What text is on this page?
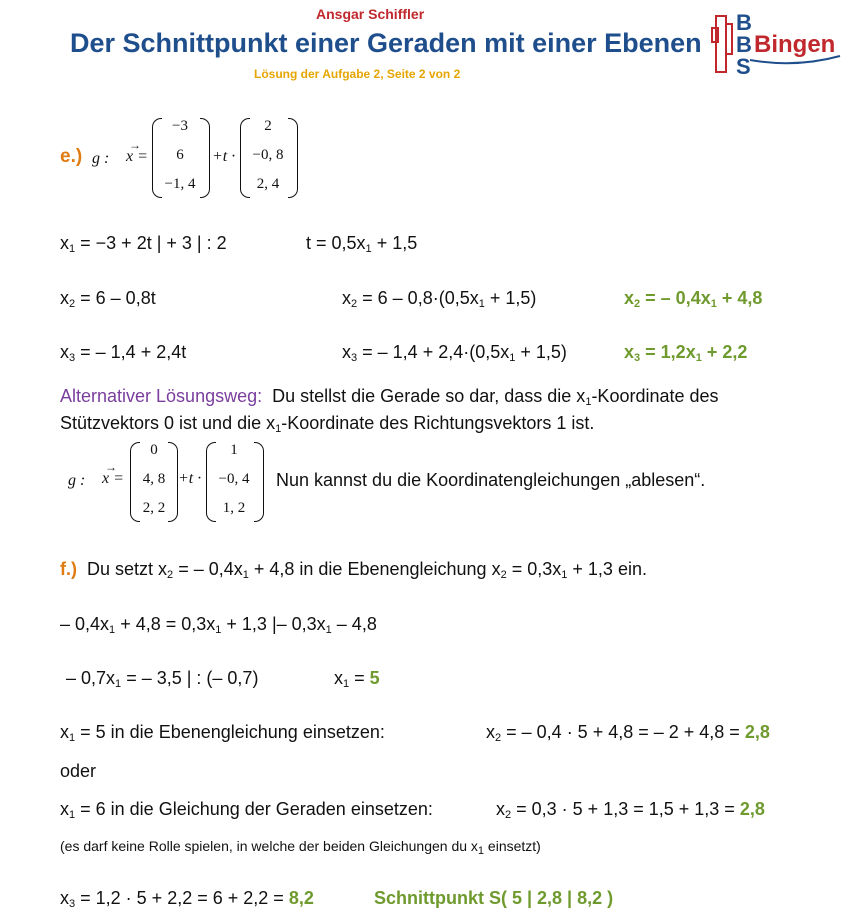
Ansgar Schiffler
Der Schnittpunkt einer Geraden mit einer Ebenen
Lösung der Aufgabe 2, Seite 2 von 2
B
B
S
Bingen
e.) g : x =
→
−3
6
−1, 4
+t ·
2
−0, 8
2, 4
$x_1 = -3 + 2t$ | + 3 | : 2	$t = 0,5x_1 + 1,5$
$x_2 = 6 - 0,8t$	$x_2 = 6 - 0,8\cdot(0,5x_1 + 1,5)$	$x_2$ = – $0,4x_1 + 4,8$
$x_3$ = – 1,4 + 2,4t	$x_3$ = – $1,4 + 2,4\cdot(0,5x_1 + 1,5)$	$x_3 = 1,2x_1 + 2,2$
Alternativer Lösungsweg: Du stellst die Gerade so dar, dass die $x_1$-Koordinate des
Stützvektors 0 ist und die $x_1$-Koordinate des Richtungsvektors 1 ist.
g : x =
→
0
4, 8
2, 2
+t ·
1
−0, 4
1, 2
Nun kannst du die Koordinatengleichungen „ablesen“.
f.) Du setzt $x_2$ = – $0,4x_1 + 4,8$ in die Ebenengleichung $x_2 = 0,3x_1 + 1,3$ ein.
– $0,4x_1 + 4,8 = 0,3x_1 + 1,3$ |– $0,3x_1 - 4,8$
– $0,7x_1$ = – 3,5 | : (– 0,7)	$x_1 = 5$
$x_1 = 5$ in die Ebenengleichung einsetzen:	$x_2$ = – 0,4 · 5 + 4,8 = – 2 + 4,8 = 2,8
oder
$x_1 = 6$ in die Gleichung der Geraden einsetzen:	$x_2 = 0,3 \cdot 5 + 1,3 = 1,5 + 1,3 = 2,8$
(es darf keine Rolle spielen, in welche der beiden Gleichungen du $x_1$ einsetzt)
$x_3 = 1,2 \cdot 5 + 2,2 = 6 + 2,2 = 8,2$	Schnittpunkt S( 5 | 2,8 | 8,2 )
